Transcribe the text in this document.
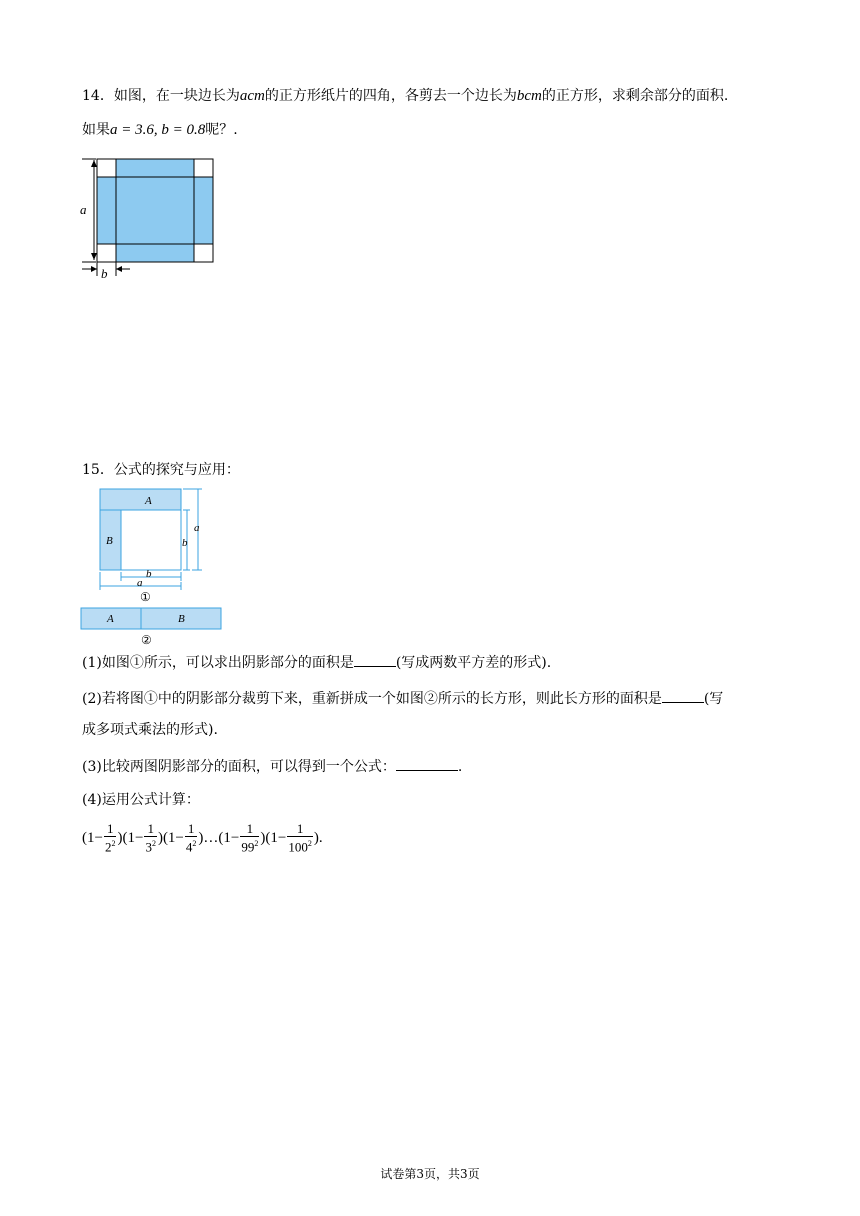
14．如图，在一块边长为acm的正方形纸片的四角，各剪去一个边长为bcm的正方形，求剩余部分的面积.
如果a = 3.6, b = 0.8呢？.
a
b
15．公式的探究与应用：
A
B	b
a
b
a
①
A	B
②
(1)如图①所示，可以求出阴影部分的面积是	(写成两数平方差的形式).
(2)若将图①中的阴影部分裁剪下来，重新拼成一个如图②所示的长方形，则此长方形的面积是	(写
成多项式乘法的形式).
(3)比较两图阴影部分的面积，可以得到一个公式：	.
(4)运用公式计算：
$(1- \frac{1}{2^2} )(1- \frac{1}{3^2} )(1- \frac{1}{4^2}$ )…(1− $\frac{1}{99^2} )(1- \frac{1}{100^2}$ ).
试卷第3页，共3页
